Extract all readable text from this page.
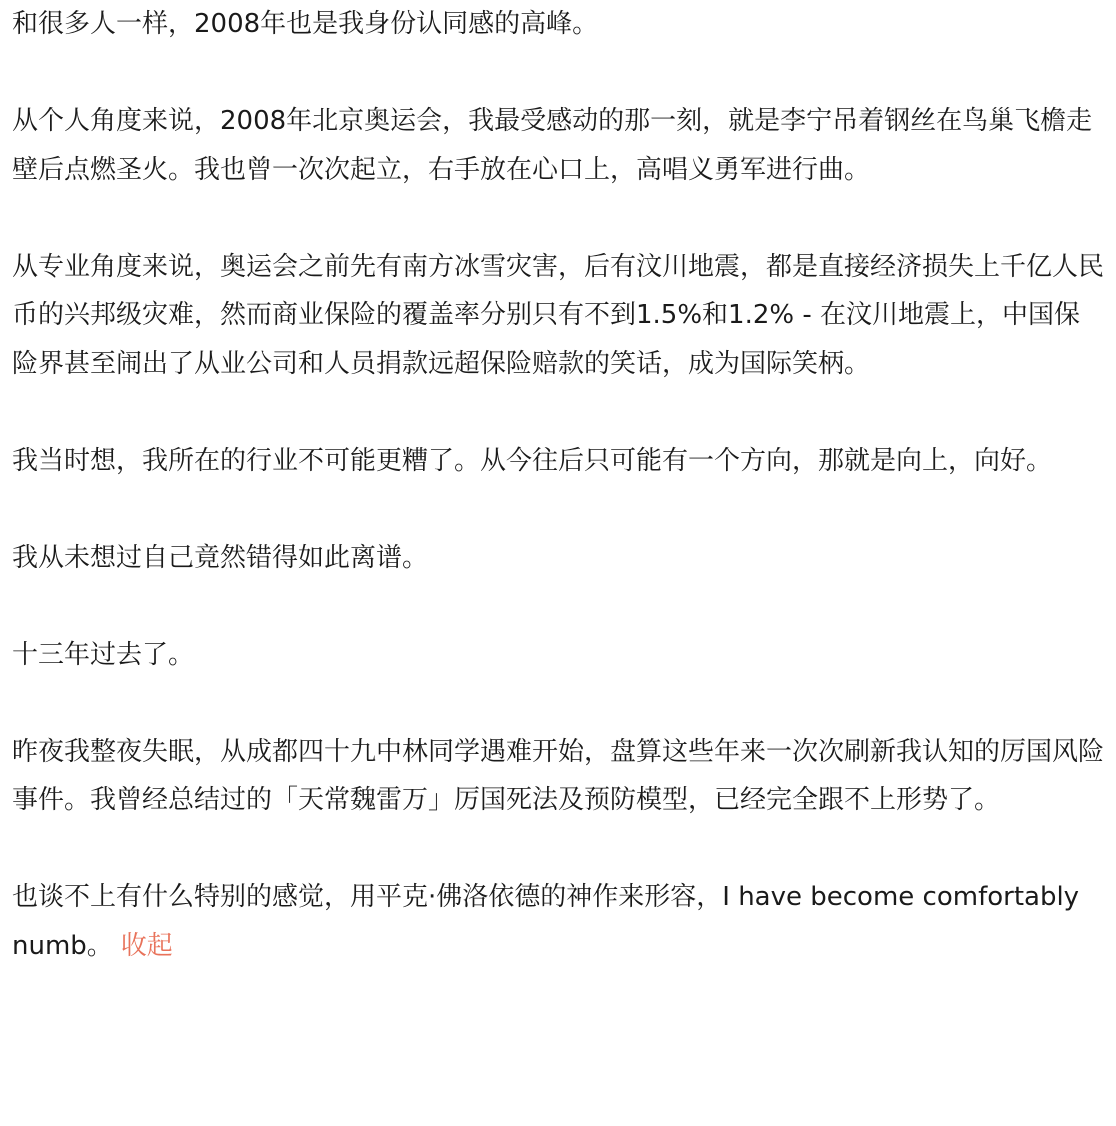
和很多人一样，2008年也是我身份认同感的高峰。

从个人角度来说，2008年北京奥运会，我最受感动的那一刻，就是李宁吊着钢丝在鸟巢飞檐走壁后点燃圣火。我也曾一次次起立，右手放在心口上，高唱义勇军进行曲。

从专业角度来说，奥运会之前先有南方冰雪灾害，后有汶川地震，都是直接经济损失上千亿人民币的兴邦级灾难，然而商业保险的覆盖率分别只有不到1.5%和1.2% - 在汶川地震上，中国保险界甚至闹出了从业公司和人员捐款远超保险赔款的笑话，成为国际笑柄。

我当时想，我所在的行业不可能更糟了。从今往后只可能有一个方向，那就是向上，向好。

我从未想过自己竟然错得如此离谱。

十三年过去了。

昨夜我整夜失眠，从成都四十九中林同学遇难开始，盘算这些年来一次次刷新我认知的厉国风险事件。我曾经总结过的「天常魏雷万」厉国死法及预防模型，已经完全跟不上形势了。

也谈不上有什么特别的感觉，用平克·佛洛依德的神作来形容，I have become comfortably numb。 收起
